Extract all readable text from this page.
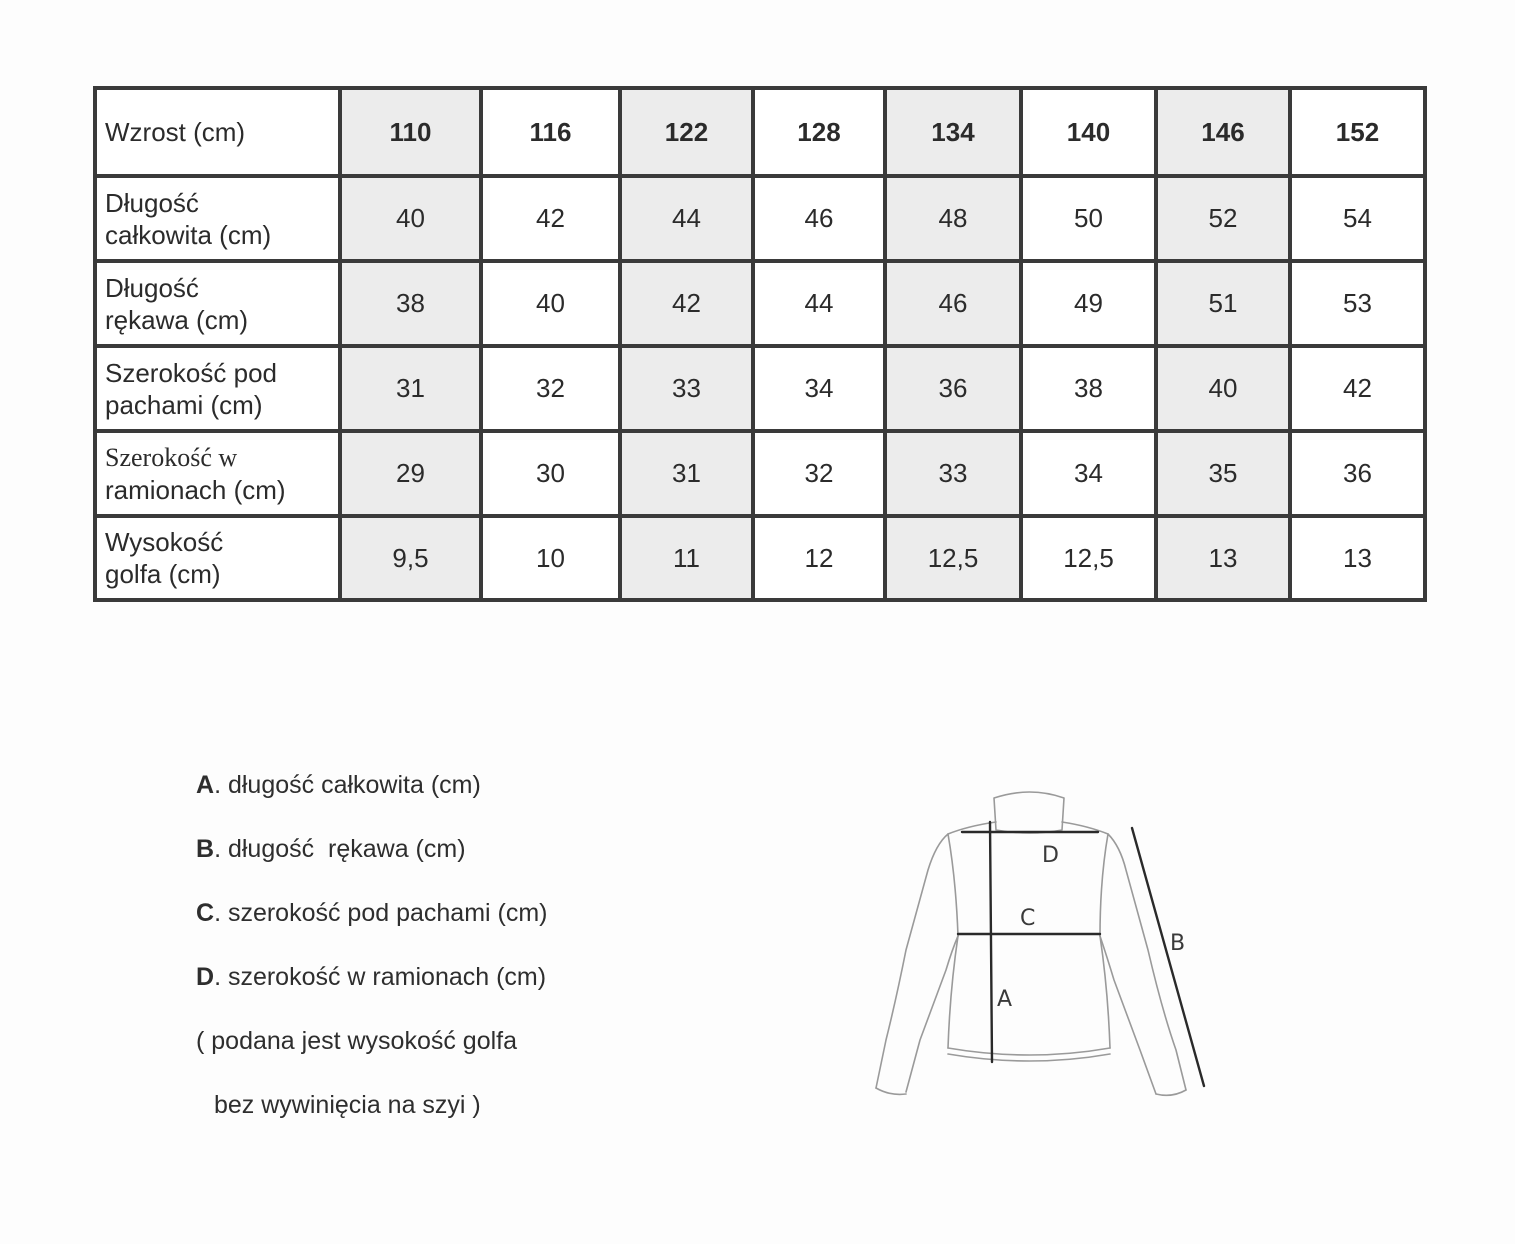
Wzrost (cm)	110	116	122	128	134	140	146	152
Długość
całkowita (cm)	40	42	44	46	48	50	52	54
Długość
rękawa (cm)	38	40	42	44	46	49	51	53
Szerokość pod
pachami (cm)	31	32	33	34	36	38	40	42
Szerokość w
ramionach (cm)	29	30	31	32	33	34	35	36
Wysokość
golfa (cm)	9,5	10	11	12	12,5	12,5	13	13
A. długość całkowita (cm)
B. długość  rękawa (cm)
C. szerokość pod pachami (cm)
D. szerokość w ramionach (cm)
( podana jest wysokość golfa
bez wywinięcia na szyi )
D
C
A
B
